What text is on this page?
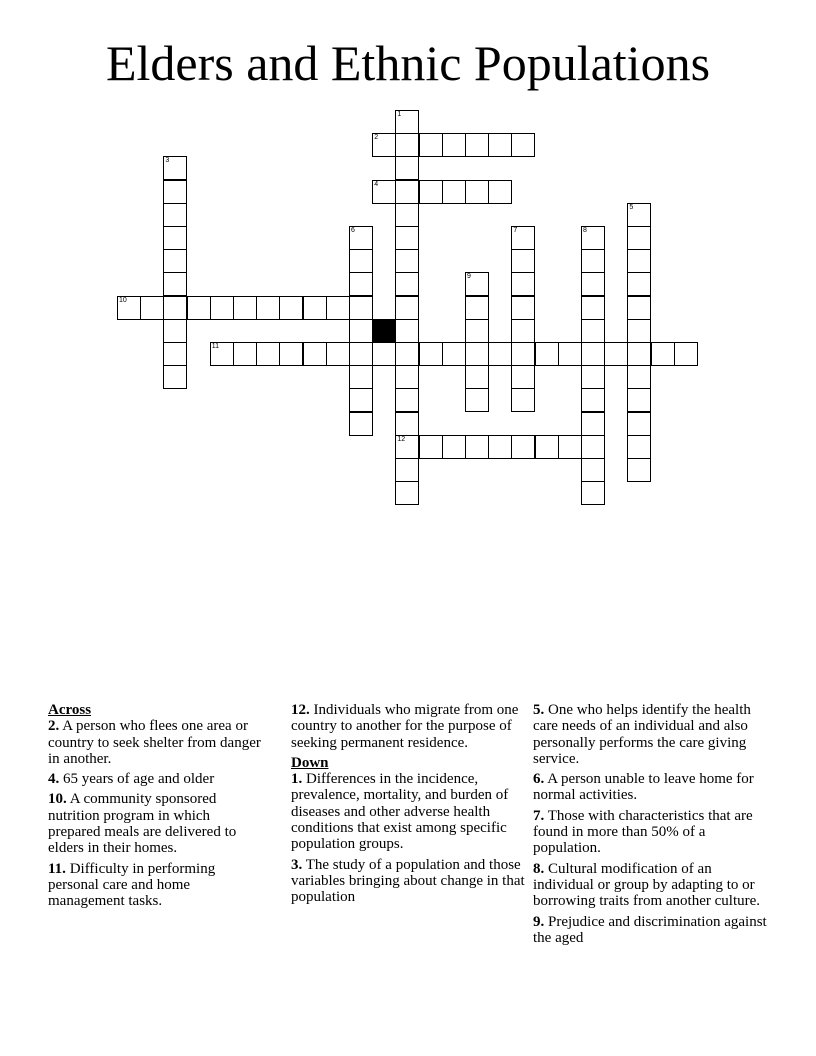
Elders and Ethnic Populations
1
12
2
3
4
5
6	7	8
9
10
11
Across
2. A person who flees one area or country to seek shelter from danger in another.
4. 65 years of age and older
10. A community sponsored nutrition program in which prepared meals are delivered to elders in their homes.
11. Difficulty in performing personal care and home management tasks.
12. Individuals who migrate from one country to another for the purpose of seeking permanent residence.
Down
1. Differences in the incidence, prevalence, mortality, and burden of diseases and other adverse health conditions that exist among specific population groups.
3. The study of a population and those variables bringing about change in that population
5. One who helps identify the health care needs of an individual and also personally performs the care giving service.
6. A person unable to leave home for normal activities.
7. Those with characteristics that are found in more than 50% of a population.
8. Cultural modification of an individual or group by adapting to or borrowing traits from another culture.
9. Prejudice and discrimination against the aged
